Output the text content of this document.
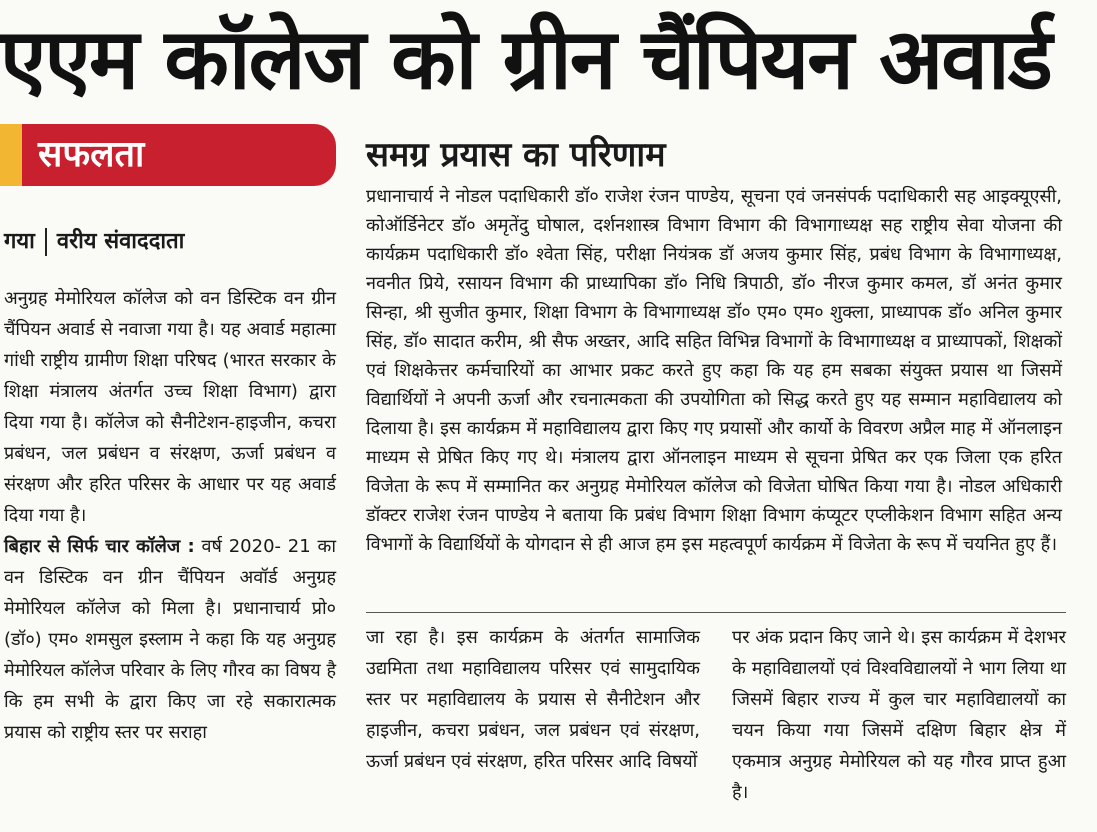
एएम कॉलेज को ग्रीन चैंपियन अवार्ड
सफलता
गया वरीय संवाददाता

अनुग्रह मेमोरियल कॉलेज को वन डिस्टिक वन ग्रीन चैंपियन अवार्ड से नवाजा गया है। यह अवार्ड महात्मा गांधी राष्ट्रीय ग्रामीण शिक्षा परिषद (भारत सरकार के शिक्षा मंत्रालय अंतर्गत उच्च शिक्षा विभाग) द्वारा दिया गया है। कॉलेज को सैनीटेशन-हाइजीन, कचरा प्रबंधन, जल प्रबंधन व संरक्षण, ऊर्जा प्रबंधन व संरक्षण और हरित परिसर के आधार पर यह अवार्ड दिया गया है।

बिहार से सिर्फ चार कॉलेज : वर्ष 2020- 21 का वन डिस्टिक वन ग्रीन चैंपियन अवॉर्ड अनुग्रह मेमोरियल कॉलेज को मिला है। प्रधानाचार्य प्रो० (डॉ०) एम० शमसुल इस्लाम ने कहा कि यह अनुग्रह मेमोरियल कॉलेज परिवार के लिए गौरव का विषय है कि हम सभी के द्वारा किए जा रहे सकारात्मक प्रयास को राष्ट्रीय स्तर पर सराहा

समग्र प्रयास का परिणाम

प्रधानाचार्य ने नोडल पदाधिकारी डॉ० राजेश रंजन पाण्डेय, सूचना एवं जनसंपर्क पदाधिकारी सह आइक्यूएसी, कोऑर्डिनेटर डॉ० अमृतेंदु घोषाल, दर्शनशास्त्र विभाग विभाग की विभागाध्यक्ष सह राष्ट्रीय सेवा योजना की कार्यक्रम पदाधिकारी डॉ० श्वेता सिंह, परीक्षा नियंत्रक डॉ अजय कुमार सिंह, प्रबंध विभाग के विभागाध्यक्ष, नवनीत प्रिये, रसायन विभाग की प्राध्यापिका डॉ० निधि त्रिपाठी, डॉ० नीरज कुमार कमल, डॉ अनंत कुमार सिन्हा, श्री सुजीत कुमार, शिक्षा विभाग के विभागाध्यक्ष डॉ० एम० एम० शुक्ला, प्राध्यापक डॉ० अनिल कुमार सिंह, डॉ० सादात करीम, श्री सैफ अख्तर, आदि सहित विभिन्न विभागों के विभागाध्यक्ष व प्राध्यापकों, शिक्षकों एवं शिक्षकेत्तर कर्मचारियों का आभार प्रकट करते हुए कहा कि यह हम सबका संयुक्त प्रयास था जिसमें विद्यार्थियों ने अपनी ऊर्जा और रचनात्मकता की उपयोगिता को सिद्ध करते हुए यह सम्मान महाविद्यालय को दिलाया है। इस कार्यक्रम में महाविद्यालय द्वारा किए गए प्रयासों और कार्यो के विवरण अप्रैल माह में ऑनलाइन माध्यम से प्रेषित किए गए थे। मंत्रालय द्वारा ऑनलाइन माध्यम से सूचना प्रेषित कर एक जिला एक हरित विजेता के रूप में सम्मानित कर अनुग्रह मेमोरियल कॉलेज को विजेता घोषित किया गया है। नोडल अधिकारी डॉक्टर राजेश रंजन पाण्डेय ने बताया कि प्रबंध विभाग शिक्षा विभाग कंप्यूटर एप्लीकेशन विभाग सहित अन्य विभागों के विद्यार्थियों के योगदान से ही आज हम इस महत्वपूर्ण कार्यक्रम में विजेता के रूप में चयनित हुए हैं।

जा रहा है। इस कार्यक्रम के अंतर्गत सामाजिक उद्यमिता तथा महाविद्यालय परिसर एवं सामुदायिक स्तर पर महाविद्यालय के प्रयास से सैनीटेशन और हाइजीन, कचरा प्रबंधन, जल प्रबंधन एवं संरक्षण, ऊर्जा प्रबंधन एवं संरक्षण, हरित परिसर आदि विषयों

पर अंक प्रदान किए जाने थे। इस कार्यक्रम में देशभर के महाविद्यालयों एवं विश्वविद्यालयों ने भाग लिया था जिसमें बिहार राज्य में कुल चार महाविद्यालयों का चयन किया गया जिसमें दक्षिण बिहार क्षेत्र में एकमात्र अनुग्रह मेमोरियल को यह गौरव प्राप्त हुआ है।
